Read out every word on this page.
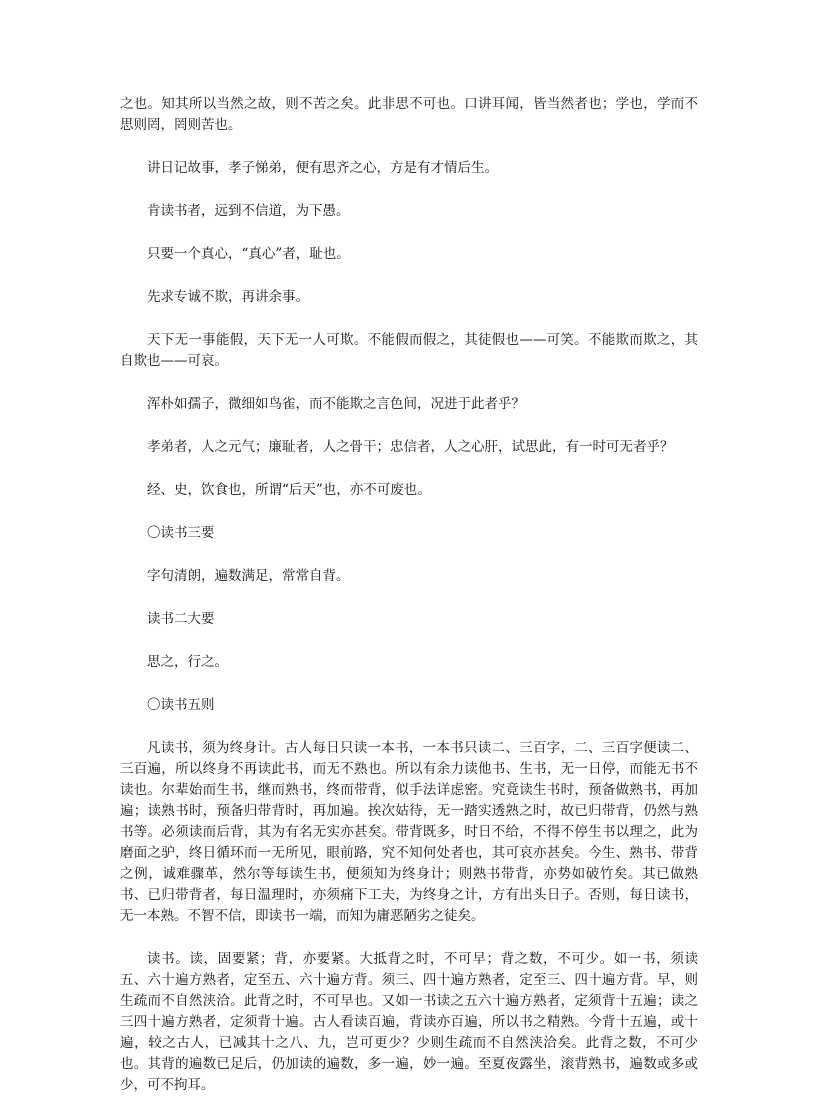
之也。知其所以当然之故，则不苦之矣。此非思不可也。口讲耳闻，皆当然者也；学也，学而不思则罔，罔则苦也。

讲日记故事，孝子悌弟，便有思齐之心，方是有才情后生。

肯读书者，远到不信道，为下愚。

只要一个真心，“真心”者，耻也。

先求专诚不欺，再讲余事。

天下无一事能假，天下无一人可欺。不能假而假之，其徒假也——可笑。不能欺而欺之，其自欺也——可哀。

浑朴如孺子，微细如鸟雀，而不能欺之言色间，况进于此者乎？

孝弟者，人之元气；廉耻者，人之骨干；忠信者，人之心肝，试思此，有一时可无者乎？

经、史，饮食也，所谓“后天”也，亦不可废也。

〇读书三要

字句清朗，遍数满足，常常自背。

读书二大要

思之，行之。

〇读书五则

凡读书，须为终身计。古人每日只读一本书，一本书只读二、三百字，二、三百字便读二、三百遍，所以终身不再读此书，而无不熟也。所以有余力读他书、生书，无一日停，而能无书不读也。尔辈始而生书，继而熟书，终而带背，似手法详虑密。究竟读生书时，预备做熟书，再加遍；读熟书时，预备归带背时，再加遍。挨次姑待，无一踏实透熟之时，故已归带背，仍然与熟书等。必须读而后背，其为有名无实亦甚矣。带背既多，时日不给，不得不停生书以理之，此为磨面之驴，终日循环而一无所见，眼前路，究不知何处者也，其可哀亦甚矣。今生、熟书、带背之例，诚难骤革，然尔等每读生书，便须知为终身计；则熟书带背，亦势如破竹矣。其已做熟书、已归带背者，每日温理时，亦须痛下工夫，为终身之计，方有出头日子。否则，每日读书，无一本熟。不智不信，即读书一端，而知为庸恶陋劣之徒矣。

读书。读，固要紧；背，亦要紧。大抵背之时，不可早；背之数，不可少。如一书，须读五、六十遍方熟者，定至五、六十遍方背。须三、四十遍方熟者，定至三、四十遍方背。早，则生疏而不自然浃洽。此背之时，不可早也。又如一书读之五六十遍方熟者，定须背十五遍；读之三四十遍方熟者，定须背十遍。古人看读百遍，背读亦百遍，所以书之精熟。今背十五遍，或十遍，较之古人，已减其十之八、九，岂可更少？少则生疏而不自然浃洽矣。此背之数，不可少也。其背的遍数已足后，仍加读的遍数，多一遍，妙一遍。至夏夜露坐，滚背熟书，遍数或多或少，可不拘耳。
